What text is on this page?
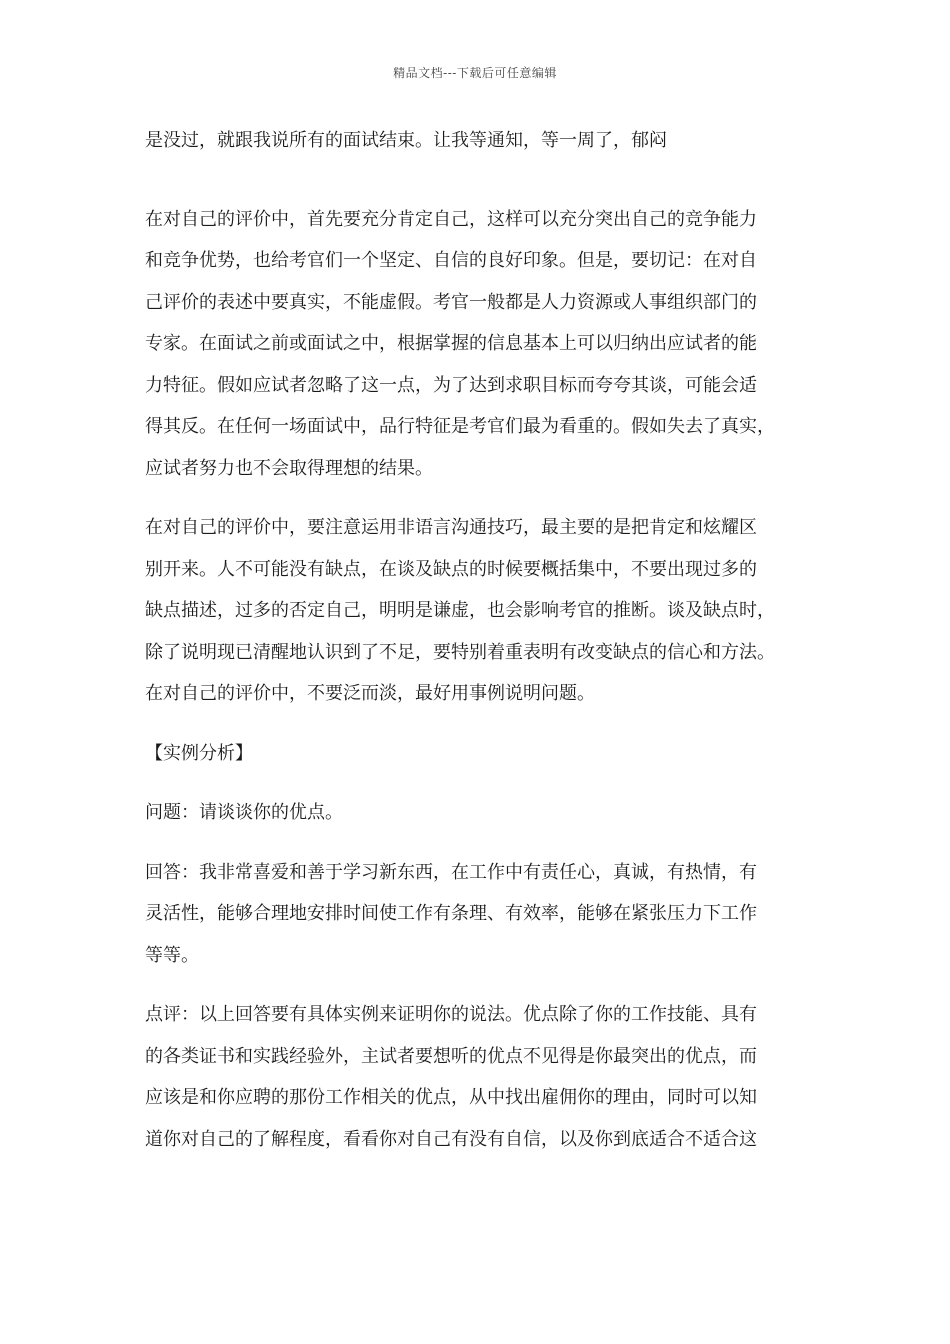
精品文档---下载后可任意编辑
是没过，就跟我说所有的面试结束。让我等通知，等一周了，郁闷
在对自己的评价中，首先要充分肯定自己，这样可以充分突出自己的竞争能力
和竞争优势，也给考官们一个坚定、自信的良好印象。但是，要切记：在对自
己评价的表述中要真实，不能虚假。考官一般都是人力资源或人事组织部门的
专家。在面试之前或面试之中，根据掌握的信息基本上可以归纳出应试者的能
力特征。假如应试者忽略了这一点，为了达到求职目标而夸夸其谈，可能会适
得其反。在任何一场面试中，品行特征是考官们最为看重的。假如失去了真实，
应试者努力也不会取得理想的结果。
在对自己的评价中，要注意运用非语言沟通技巧，最主要的是把肯定和炫耀区
别开来。人不可能没有缺点，在谈及缺点的时候要概括集中，不要出现过多的
缺点描述，过多的否定自己，明明是谦虚，也会影响考官的推断。谈及缺点时，
除了说明现已清醒地认识到了不足，要特别着重表明有改变缺点的信心和方法。
在对自己的评价中，不要泛而淡，最好用事例说明问题。
【实例分析】
问题：请谈谈你的优点。
回答：我非常喜爱和善于学习新东西，在工作中有责任心，真诚，有热情，有
灵活性，能够合理地安排时间使工作有条理、有效率，能够在紧张压力下工作
等等。
点评：以上回答要有具体实例来证明你的说法。优点除了你的工作技能、具有
的各类证书和实践经验外，主试者要想听的优点不见得是你最突出的优点，而
应该是和你应聘的那份工作相关的优点，从中找出雇佣你的理由，同时可以知
道你对自己的了解程度，看看你对自己有没有自信，以及你到底适合不适合这
